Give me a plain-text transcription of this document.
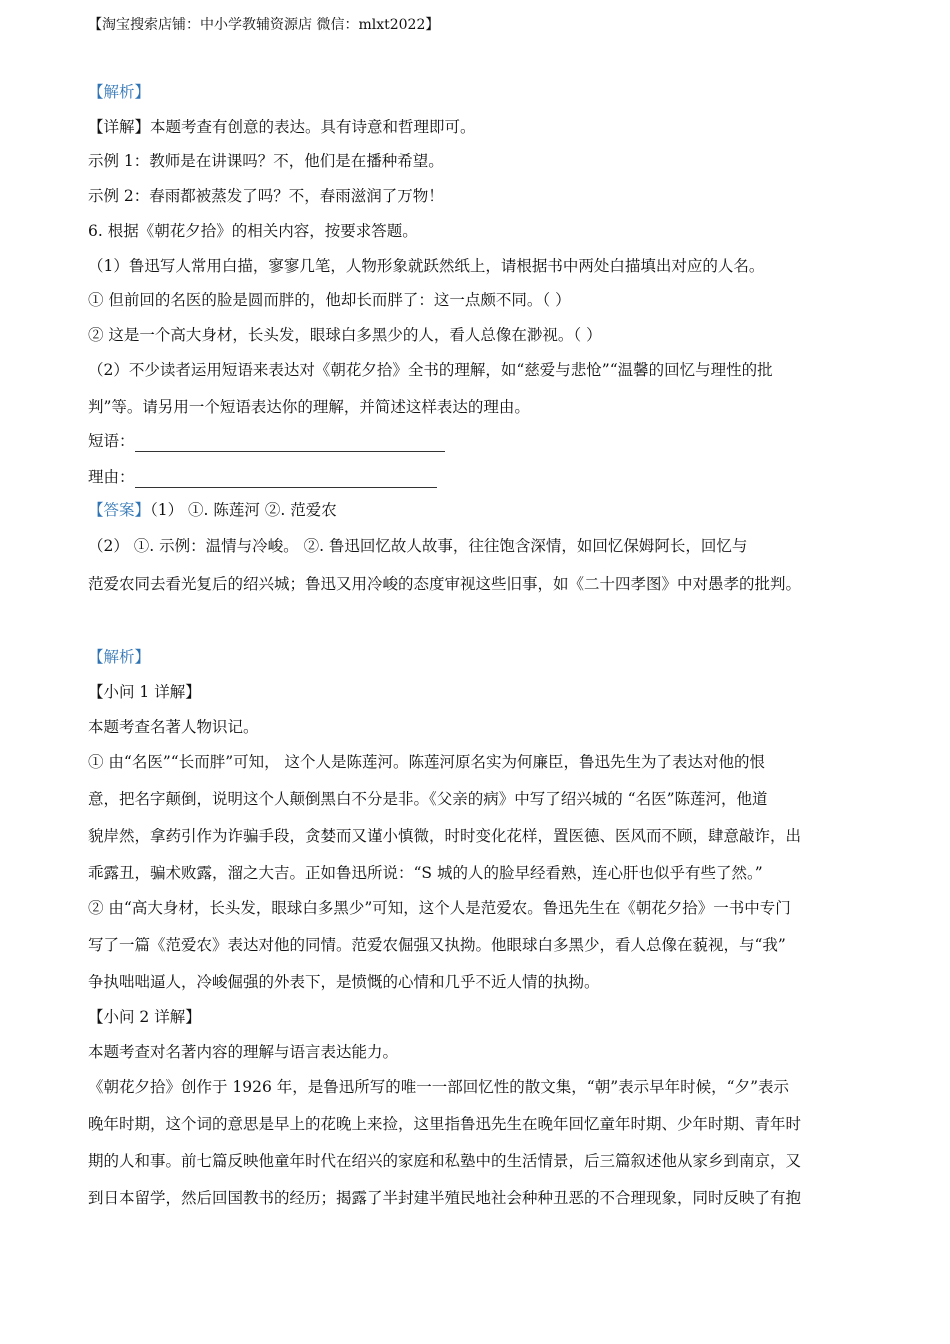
【淘宝搜索店铺：中小学教辅资源店 微信：mlxt2022】
【解析】
【详解】本题考查有创意的表达。具有诗意和哲理即可。
示例 1：教师是在讲课吗？不，他们是在播种希望。
示例 2：春雨都被蒸发了吗？不，春雨滋润了万物！
6. 根据《朝花夕拾》的相关内容，按要求答题。
（1）鲁迅写人常用白描，寥寥几笔，人物形象就跃然纸上，请根据书中两处白描填出对应的人名。
① 但前回的名医的脸是圆而胖的，他却长而胖了：这一点颇不同。（ ）
② 这是一个高大身材，长头发，眼球白多黑少的人，看人总像在渺视。（ ）
（2）不少读者运用短语来表达对《朝花夕拾》全书的理解，如“慈爱与悲怆”“温馨的回忆与理性的批
判”等。请另用一个短语表达你的理解，并简述这样表达的理由。
短语：
理由：
【答案】（1） ①. 陈莲河 ②. 范爱农
（2） ①. 示例：温情与冷峻。 ②. 鲁迅回忆故人故事，往往饱含深情，如回忆保姆阿长，回忆与
范爱农同去看光复后的绍兴城；鲁迅又用冷峻的态度审视这些旧事，如《二十四孝图》中对愚孝的批判。
【解析】
【小问 1 详解】
本题考查名著人物识记。
① 由“名医”“长而胖”可知， 这个人是陈莲河。陈莲河原名实为何廉臣，鲁迅先生为了表达对他的恨
意，把名字颠倒，说明这个人颠倒黑白不分是非。《父亲的病》中写了绍兴城的 “名医”陈莲河，他道
貌岸然，拿药引作为诈骗手段，贪婪而又谨小慎微，时时变化花样，置医德、医风而不顾，肆意敲诈，出
乖露丑，骗术败露，溜之大吉。正如鲁迅所说：“S 城的人的脸早经看熟，连心肝也似乎有些了然。”
② 由“高大身材，长头发，眼球白多黑少”可知，这个人是范爱农。鲁迅先生在《朝花夕拾》一书中专门
写了一篇《范爱农》表达对他的同情。范爱农倔强又执拗。他眼球白多黑少，看人总像在藐视，与“我”
争执咄咄逼人，冷峻倔强的外表下，是愤慨的心情和几乎不近人情的执拗。
【小问 2 详解】
本题考查对名著内容的理解与语言表达能力。
《朝花夕拾》创作于 1926 年，是鲁迅所写的唯一一部回忆性的散文集，“朝”表示早年时候，“夕”表示
晚年时期，这个词的意思是早上的花晚上来捡，这里指鲁迅先生在晚年回忆童年时期、少年时期、青年时
期的人和事。前七篇反映他童年时代在绍兴的家庭和私塾中的生活情景，后三篇叙述他从家乡到南京，又
到日本留学，然后回国教书的经历；揭露了半封建半殖民地社会种种丑恶的不合理现象，同时反映了有抱
